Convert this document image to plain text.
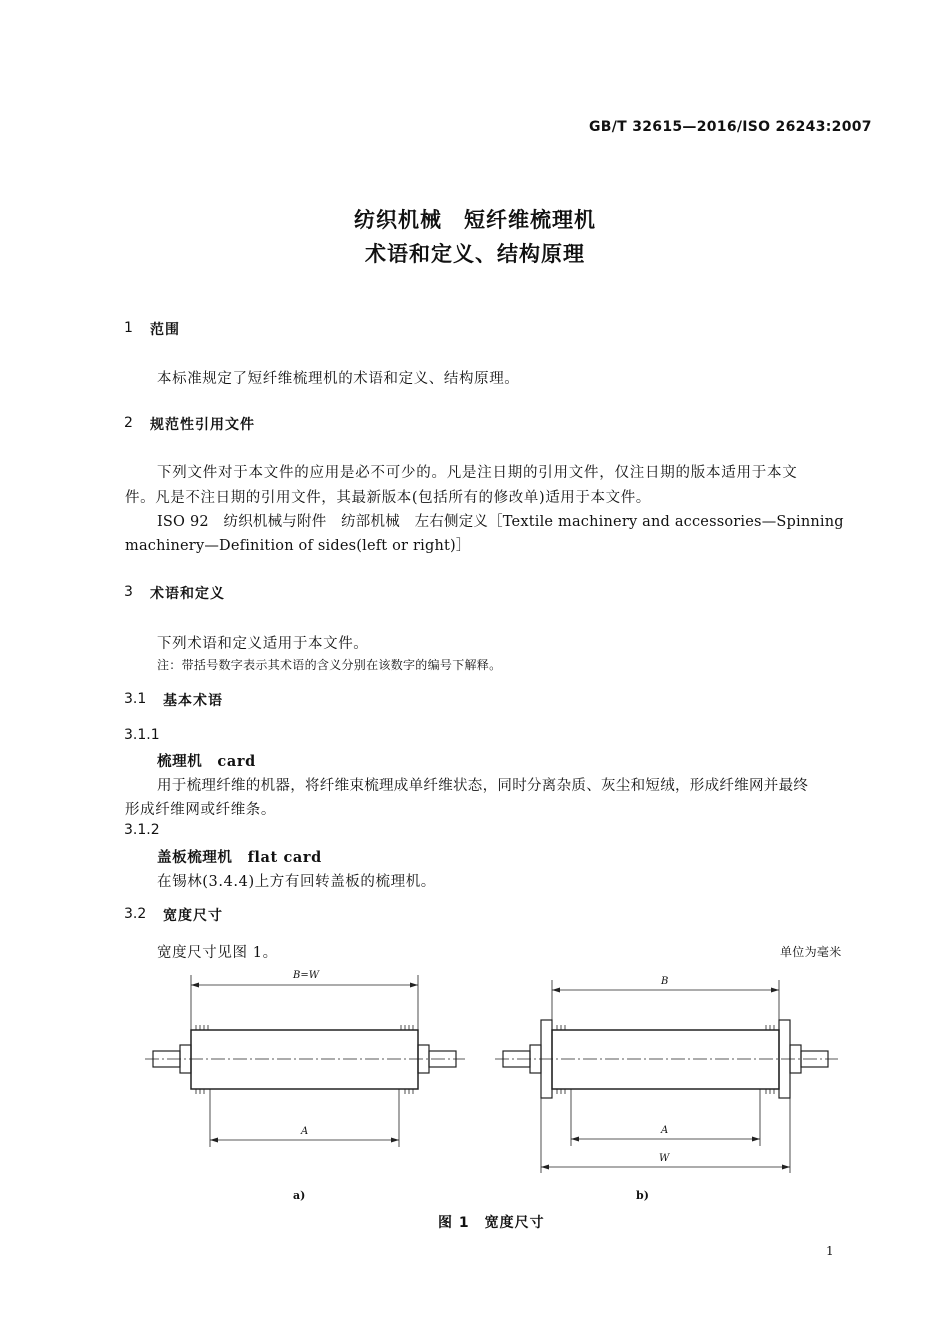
GB/T 32615—2016/ISO 26243:2007
纺织机械　短纤维梳理机
术语和定义、结构原理
1 范围
本标准规定了短纤维梳理机的术语和定义、结构原理。
2 规范性引用文件
下列文件对于本文件的应用是必不可少的。凡是注日期的引用文件，仅注日期的版本适用于本文
件。凡是不注日期的引用文件，其最新版本(包括所有的修改单)适用于本文件。
ISO 92　纺织机械与附件　纺部机械　左右侧定义［Textile machinery and accessories—Spinning
machinery—Definition of sides(left or right)］
3 术语和定义
下列术语和定义适用于本文件。
注：带括号数字表示其术语的含义分别在该数字的编号下解释。
3.1 基本术语
3.1.1
梳理机　card
用于梳理纤维的机器，将纤维束梳理成单纤维状态，同时分离杂质、灰尘和短绒，形成纤维网并最终
形成纤维网或纤维条。
3.1.2
盖板梳理机　flat card
在锡林(3.4.4)上方有回转盖板的梳理机。
3.2 宽度尺寸
宽度尺寸见图 1。	单位为毫米
B=W
A
B
A
W
a)	b)
图 1　宽度尺寸
1
